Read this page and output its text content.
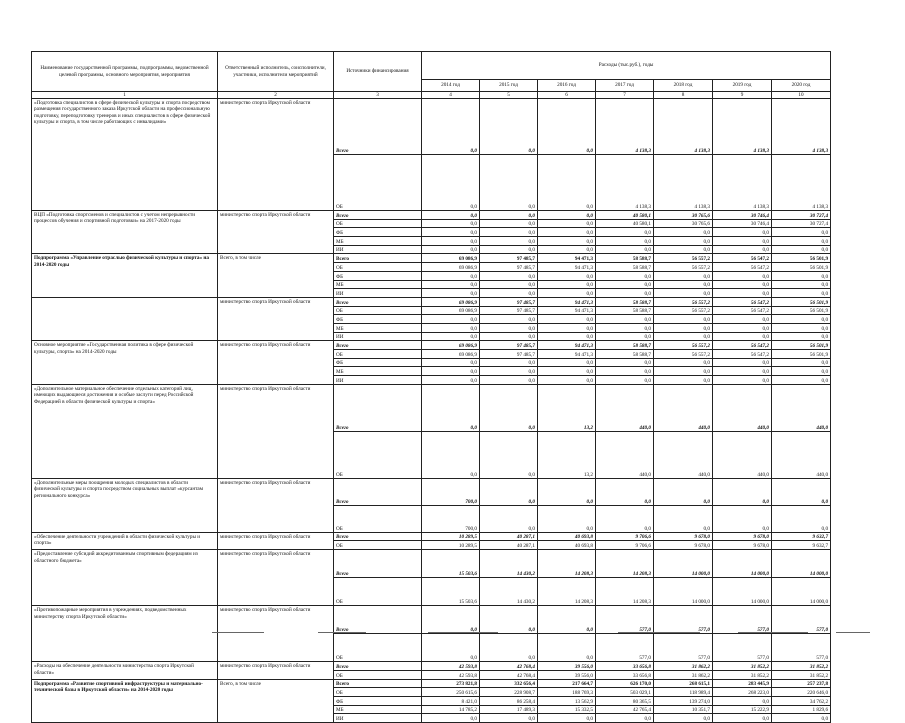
Наименование государственной программы, подпрограммы, ведомственной целевой программы, основного мероприятия, мероприятия	Ответственный исполнитель, соисполнители, участники, исполнители мероприятий	Источники финансирования	Расходы (тыс.руб.), годы						
			2014 год	2015 год	2016 год	2017 год	2018 год	2019 год	2020 год
1	2	3	4	5	6	7	8	9	10
«Подготовка специалистов в сфере физической культуры и спорта посредством размещения государственного заказа Иркутской области на профессиональную подготовку, переподготовку тренеров и иных специалистов в сфере физической культуры и спорта, в том числе работающих с инвалидами»	министерство спорта Иркутской области	Всего	0,0	0,0	0,0	4 138,3	4 138,3	4 138,3	4 138,3
		ОБ	0,0	0,0	0,0	4 138,3	4 138,3	4 138,3	4 138,3
ВЦП «Подготовка спортсменов и специалистов с учетом непрерывности процессов обучения и спортивной подготовки» на 2017-2020 годы	министерство спорта Иркутской области	Всего	0,0	0,0	0,0	40 580,1	30 765,6	30 746,4	30 727,4
		ОБ	0,0	0,0	0,0	40 580,1	30 765,6	30 746,4	30 727,4
		ФБ	0,0	0,0	0,0	0,0	0,0	0,0	0,0
		МБ	0,0	0,0	0,0	0,0	0,0	0,0	0,0
		ИИ	0,0	0,0	0,0	0,0	0,0	0,0	0,0
Подпрограмма «Управление отраслью физической культуры и спорта» на 2014-2020 годы	Всего, в том числе	Всего	69 086,9	97 485,7	94 471,3	58 588,7	56 557,2	56 547,2	56 501,9
		ОБ	69 086,9	97 485,7	94 471,3	58 588,7	56 557,2	56 547,2	56 501,9
		ФБ	0,0	0,0	0,0	0,0	0,0	0,0	0,0
		МБ	0,0	0,0	0,0	0,0	0,0	0,0	0,0
		ИИ	0,0	0,0	0,0	0,0	0,0	0,0	0,0
	министерство спорта Иркутской области	Всего	69 086,9	97 485,7	94 471,3	58 588,7	56 557,2	56 547,2	56 501,9
		ОБ	69 086,9	97 485,7	94 471,3	58 588,7	56 557,2	56 547,2	56 501,9
		ФБ	0,0	0,0	0,0	0,0	0,0	0,0	0,0
		МБ	0,0	0,0	0,0	0,0	0,0	0,0	0,0
		ИИ	0,0	0,0	0,0	0,0	0,0	0,0	0,0
Основное мероприятие «Государственная политика в сфере физической культуры, спорта» на 2014-2020 годы	министерство спорта Иркутской области	Всего	69 086,9	97 485,7	94 471,3	58 588,7	56 557,2	56 547,2	56 501,9
		ОБ	69 086,9	97 485,7	94 471,3	58 588,7	56 557,2	56 547,2	56 501,9
		ФБ	0,0	0,0	0,0	0,0	0,0	0,0	0,0
		МБ	0,0	0,0	0,0	0,0	0,0	0,0	0,0
		ИИ	0,0	0,0	0,0	0,0	0,0	0,0	0,0
«Дополнительное материальное обеспечение отдельных категорий лиц, имеющих выдающиеся достижения и особые заслуги перед Российской Федерацией в области физической культуры и спорта»	министерство спорта Иркутской области	Всего	0,0	0,0	13,2	440,0	440,0	440,0	440,0
		ОБ	0,0	0,0	13,2	440,0	440,0	440,0	440,0
«Дополнительные меры поощрения молодых специалистов в области физической культуры и спорта посредством социальных выплат «курсантам регионального конкурса»	министерство спорта Иркутской области	Всего	700,0	0,0	0,0	0,0	0,0	0,0	0,0
		ОБ	700,0	0,0	0,0	0,0	0,0	0,0	0,0
«Обеспечение деятельности учреждений в области физической культуры и спорта»	министерство спорта Иркутской области	Всего	10 289,5	40 287,1	40 693,8	9 706,6	9 678,0	9 678,0	9 632,7
		ОБ	10 289,5	40 287,1	40 693,8	9 706,6	9 678,0	9 678,0	9 632,7
«Предоставление субсидий аккредитованным спортивным федерациям из областного бюджета»	министерство спорта Иркутской области	Всего	15 503,6	14 430,2	14 208,3	14 208,3	14 000,0	14 000,0	14 000,0
		ОБ	15 503,6	14 430,2	14 208,3	14 208,3	14 000,0	14 000,0	14 000,0
«Противопожарные мероприятия в учреждениях, подведомственных министерству спорта Иркутской области»	министерство спорта Иркутской области	Всего	0,0	0,0	0,0	577,0	577,0	577,0	577,0
		ОБ	0,0	0,0	0,0	577,0	577,0	577,0	577,0
«Расходы на обеспечение деятельности министерства спорта Иркутской области»	министерство спорта Иркутской области	Всего	42 593,8	42 768,4	39 556,0	33 656,8	31 862,2	31 852,2	31 852,2
		ОБ	42 593,8	42 768,4	39 556,0	33 656,8	31 862,2	31 852,2	31 852,2
Подпрограмма «Развитие спортивной инфраструктуры и материально-технической базы в Иркутской области» на 2014-2020 годы	Всего, в том числе	Всего	273 821,8	332 656,4	217 664,7	626 170,0	268 615,1	283 445,9	257 237,8
		ОБ	250 615,6	228 908,7	188 769,3	503 029,1	118 989,4	268 223,0	220 646,0
		ФБ	8 421,0	86 258,4	13 562,9	80 365,5	139 274,0	0,0	34 762,2
		МБ	14 785,2	17 489,3	15 332,5	42 765,4	10 351,7	15 222,9	1 829,6
		ИИ	0,0	0,0	0,0	0,0	0,0	0,0	0,0
